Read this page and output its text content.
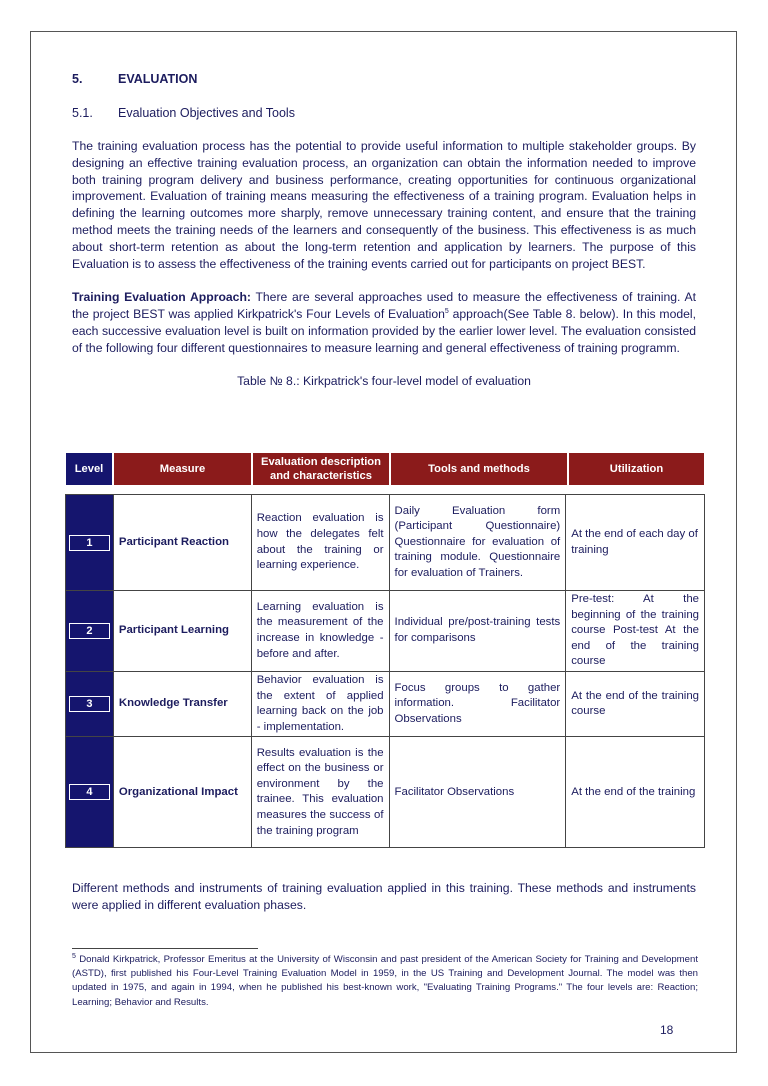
5.	EVALUATION
5.1.	Evaluation Objectives and Tools

The training evaluation process has the potential to provide useful information to multiple stakeholder groups. By designing an effective training evaluation process, an organization can obtain the information needed to improve both training program delivery and business performance, creating opportunities for continuous organizational improvement. Evaluation of training means measuring the effectiveness of a training program. Evaluation helps in defining the learning outcomes more sharply, remove unnecessary training content, and ensure that the training method meets the training needs of the learners and consequently of the business. This effectiveness is as much about short-term retention as about the long-term retention and application by learners. The purpose of this Evaluation is to assess the effectiveness of the training events carried out for participants on project BEST.

Training Evaluation Approach: There are several approaches used to measure the effectiveness of training. At the project BEST was applied Kirkpatrick's Four Levels of Evaluation$^5$ approach(See Table 8. below). In this model, each successive evaluation level is built on information provided by the earlier lower level. The evaluation consisted of the following four different questionnaires to measure learning and general effectiveness of training programm.

Table № 8.: Kirkpatrick's four-level model of evaluation
Level	Measure	Evaluation description and characteristics	Tools and methods	Utilization
1	Participant Reaction	Reaction evaluation is how the delegates felt about the training or learning experience.	Daily Evaluation form (Participant Questionnaire) Questionnaire for evaluation of training module. Questionnaire for evaluation of Trainers.	At the end of each day of training

2	Participant Learning	Learning evaluation is the measurement of the increase in knowledge - before and after.	Individual pre/post-training tests for comparisons	Pre-test: At the beginning of the training course Post-test At the end of the training course

3	Knowledge Transfer	Behavior evaluation is the extent of applied learning back on the job - implementation.	Focus groups to gather information. Facilitator Observations	At the end of the training course

4	Organizational Impact	Results evaluation is the effect on the business or environment by the trainee. This evaluation measures the success of the training program	Facilitator Observations	At the end of the training
Different methods and instruments of training evaluation applied in this training. These methods and instruments were applied in different evaluation phases.
$^5$ Donald Kirkpatrick, Professor Emeritus at the University of Wisconsin and past president of the American Society for Training and Development (ASTD), first published his Four-Level Training Evaluation Model in 1959, in the US Training and Development Journal. The model was then updated in 1975, and again in 1994, when he published his best-known work, "Evaluating Training Programs." The four levels are: Reaction; Learning; Behavior and Results.
18
